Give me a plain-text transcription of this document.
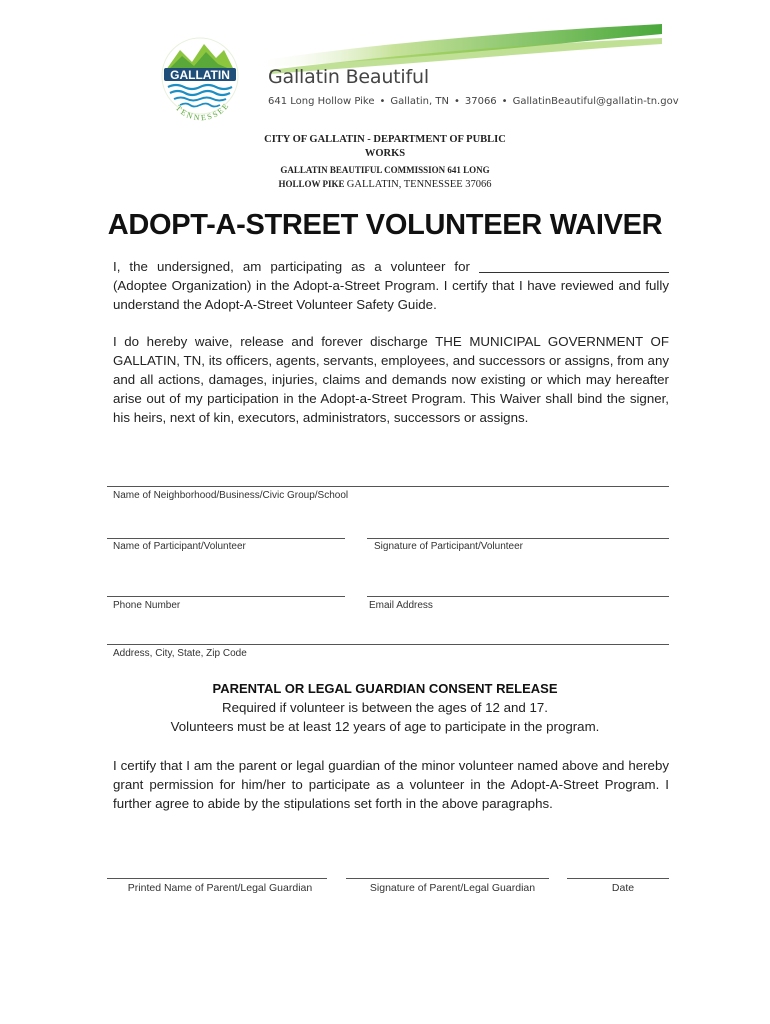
GALLATIN
TENNESSEE
Gallatin Beautiful
641 Long Hollow Pike • Gallatin, TN • 37066 • GallatinBeautiful@gallatin-tn.gov
CITY OF GALLATIN - DEPARTMENT OF PUBLIC
WORKS
GALLATIN BEAUTIFUL COMMISSION 641 LONG
HOLLOW PIKE GALLATIN, TENNESSEE 37066
ADOPT-A-STREET VOLUNTEER WAIVER
I, the undersigned, am participating as a volunteer for  (Adoptee Organization) in the Adopt-a-Street Program. I certify that I have reviewed and fully understand the Adopt-A-Street Volunteer Safety Guide.
I do hereby waive, release and forever discharge THE MUNICIPAL GOVERNMENT OF GALLATIN, TN, its officers, agents, servants, employees, and successors or assigns, from any and all actions, damages, injuries, claims and demands now existing or which may hereafter arise out of my participation in the Adopt-a-Street Program. This Waiver shall bind the signer, his heirs, next of kin, executors, administrators, successors or assigns.
Name of Neighborhood/Business/Civic Group/School
Name of Participant/Volunteer	Signature of Participant/Volunteer
Phone Number	Email Address
Address, City, State, Zip Code
PARENTAL OR LEGAL GUARDIAN CONSENT RELEASE
Required if volunteer is between the ages of 12 and 17.
Volunteers must be at least 12 years of age to participate in the program.
I certify that I am the parent or legal guardian of the minor volunteer named above and hereby grant permission for him/her to participate as a volunteer in the Adopt-A-Street Program. I further agree to abide by the stipulations set forth in the above paragraphs.
Printed Name of Parent/Legal Guardian	Signature of Parent/Legal Guardian	Date
